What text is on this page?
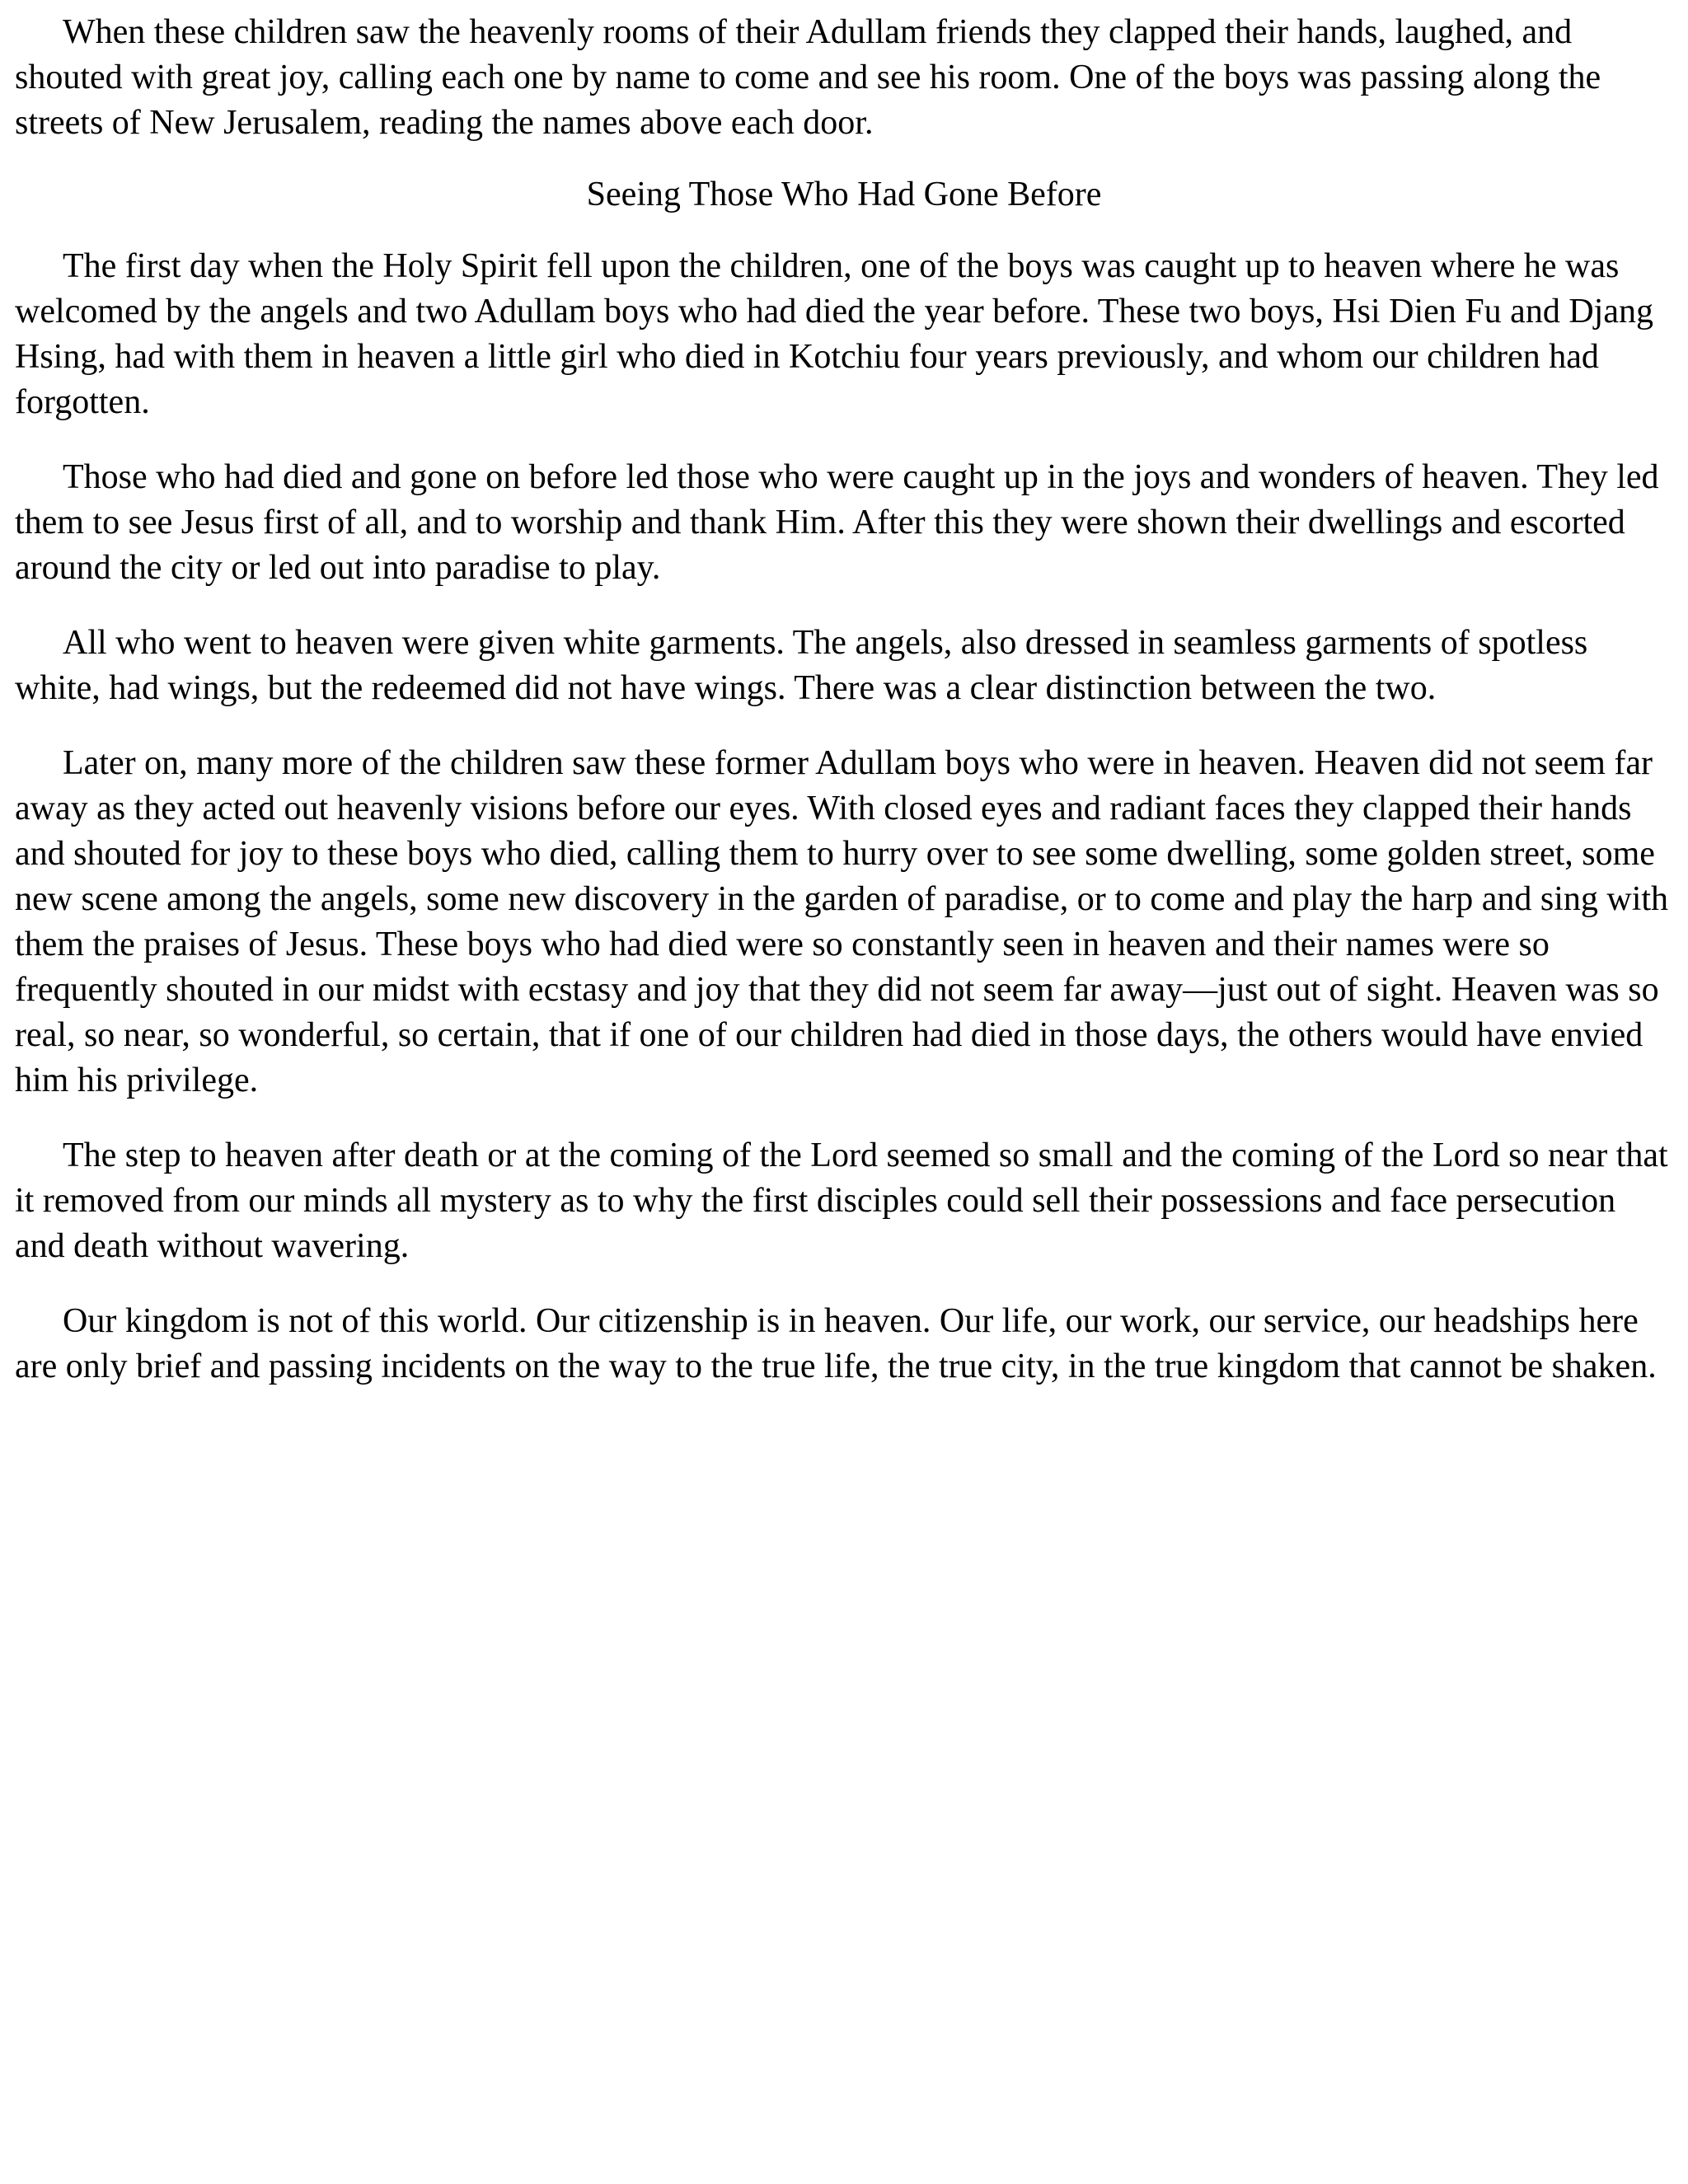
When these children saw the heavenly rooms of their Adullam friends they clapped their hands, laughed, and shouted with great joy, calling each one by name to come and see his room. One of the boys was passing along the streets of New Jerusalem, reading the names above each door.

Seeing Those Who Had Gone Before

The first day when the Holy Spirit fell upon the children, one of the boys was caught up to heaven where he was welcomed by the angels and two Adullam boys who had died the year before. These two boys, Hsi Dien Fu and Djang Hsing, had with them in heaven a little girl who died in Kotchiu four years previously, and whom our children had forgotten.

Those who had died and gone on before led those who were caught up in the joys and wonders of heaven. They led them to see Jesus first of all, and to worship and thank Him. After this they were shown their dwellings and escorted around the city or led out into paradise to play.

All who went to heaven were given white garments. The angels, also dressed in seamless garments of spotless white, had wings, but the redeemed did not have wings. There was a clear distinction between the two.

Later on, many more of the children saw these former Adullam boys who were in heaven. Heaven did not seem far away as they acted out heavenly visions before our eyes. With closed eyes and radiant faces they clapped their hands and shouted for joy to these boys who died, calling them to hurry over to see some dwelling, some golden street, some new scene among the angels, some new discovery in the garden of paradise, or to come and play the harp and sing with them the praises of Jesus. These boys who had died were so constantly seen in heaven and their names were so frequently shouted in our midst with ecstasy and joy that they did not seem far away—just out of sight. Heaven was so real, so near, so wonderful, so certain, that if one of our children had died in those days, the others would have envied him his privilege.

The step to heaven after death or at the coming of the Lord seemed so small and the coming of the Lord so near that it removed from our minds all mystery as to why the first disciples could sell their possessions and face persecution and death without wavering.

Our kingdom is not of this world. Our citizenship is in heaven. Our life, our work, our service, our headships here are only brief and passing incidents on the way to the true life, the true city, in the true kingdom that cannot be shaken.
